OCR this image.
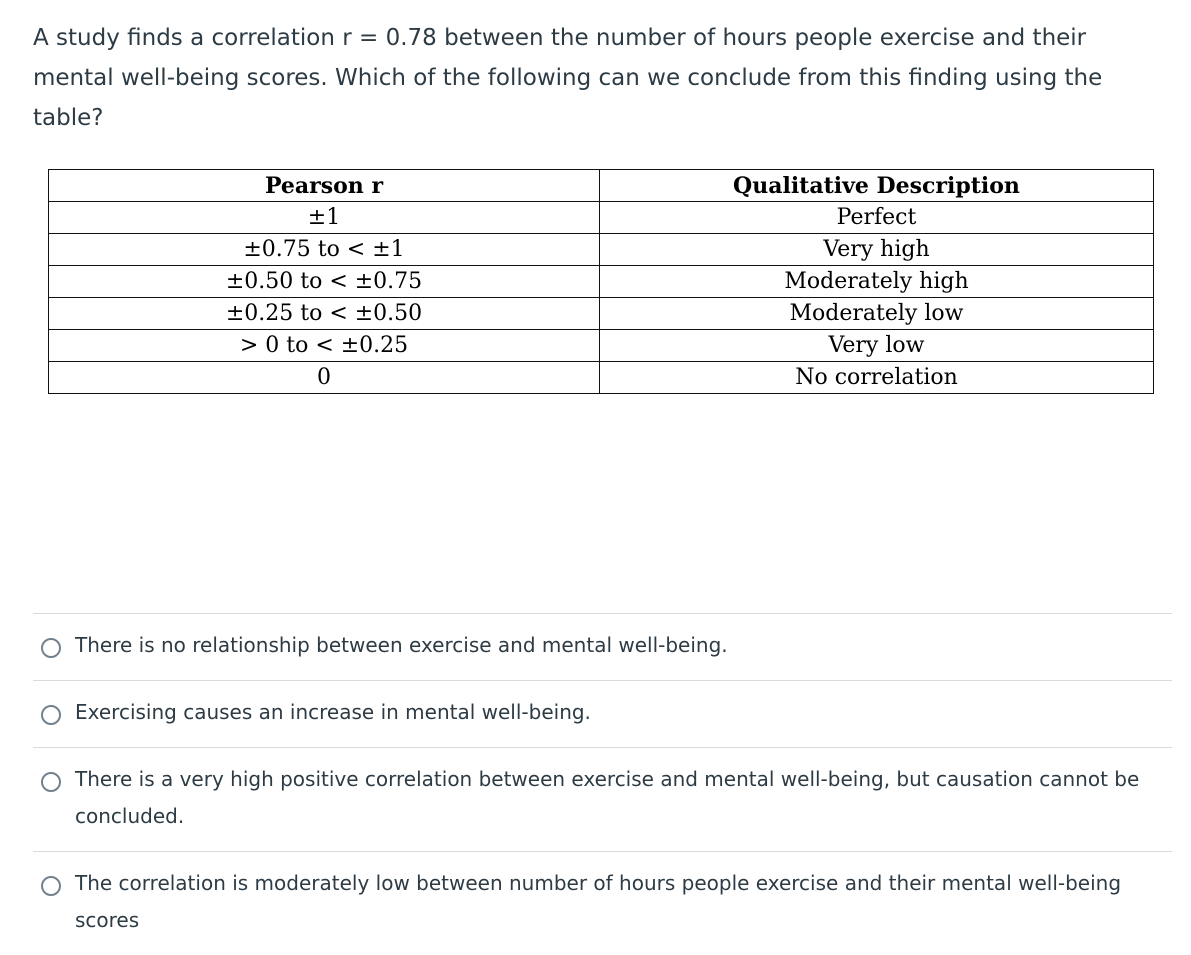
A study finds a correlation r = 0.78 between the number of hours people exercise and their mental well-being scores. Which of the following can we conclude from this finding using the table?

Pearson r	Qualitative Description
±1	Perfect
±0.75 to < ±1	Very high
±0.50 to < ±0.75	Moderately high
±0.25 to < ±0.50	Moderately low
> 0 to < ±0.25	Very low
0	No correlation
There is no relationship between exercise and mental well-being.
Exercising causes an increase in mental well-being.
There is a very high positive correlation between exercise and mental well-being, but causation cannot be concluded.
The correlation is moderately low between number of hours people exercise and their mental well-being scores
